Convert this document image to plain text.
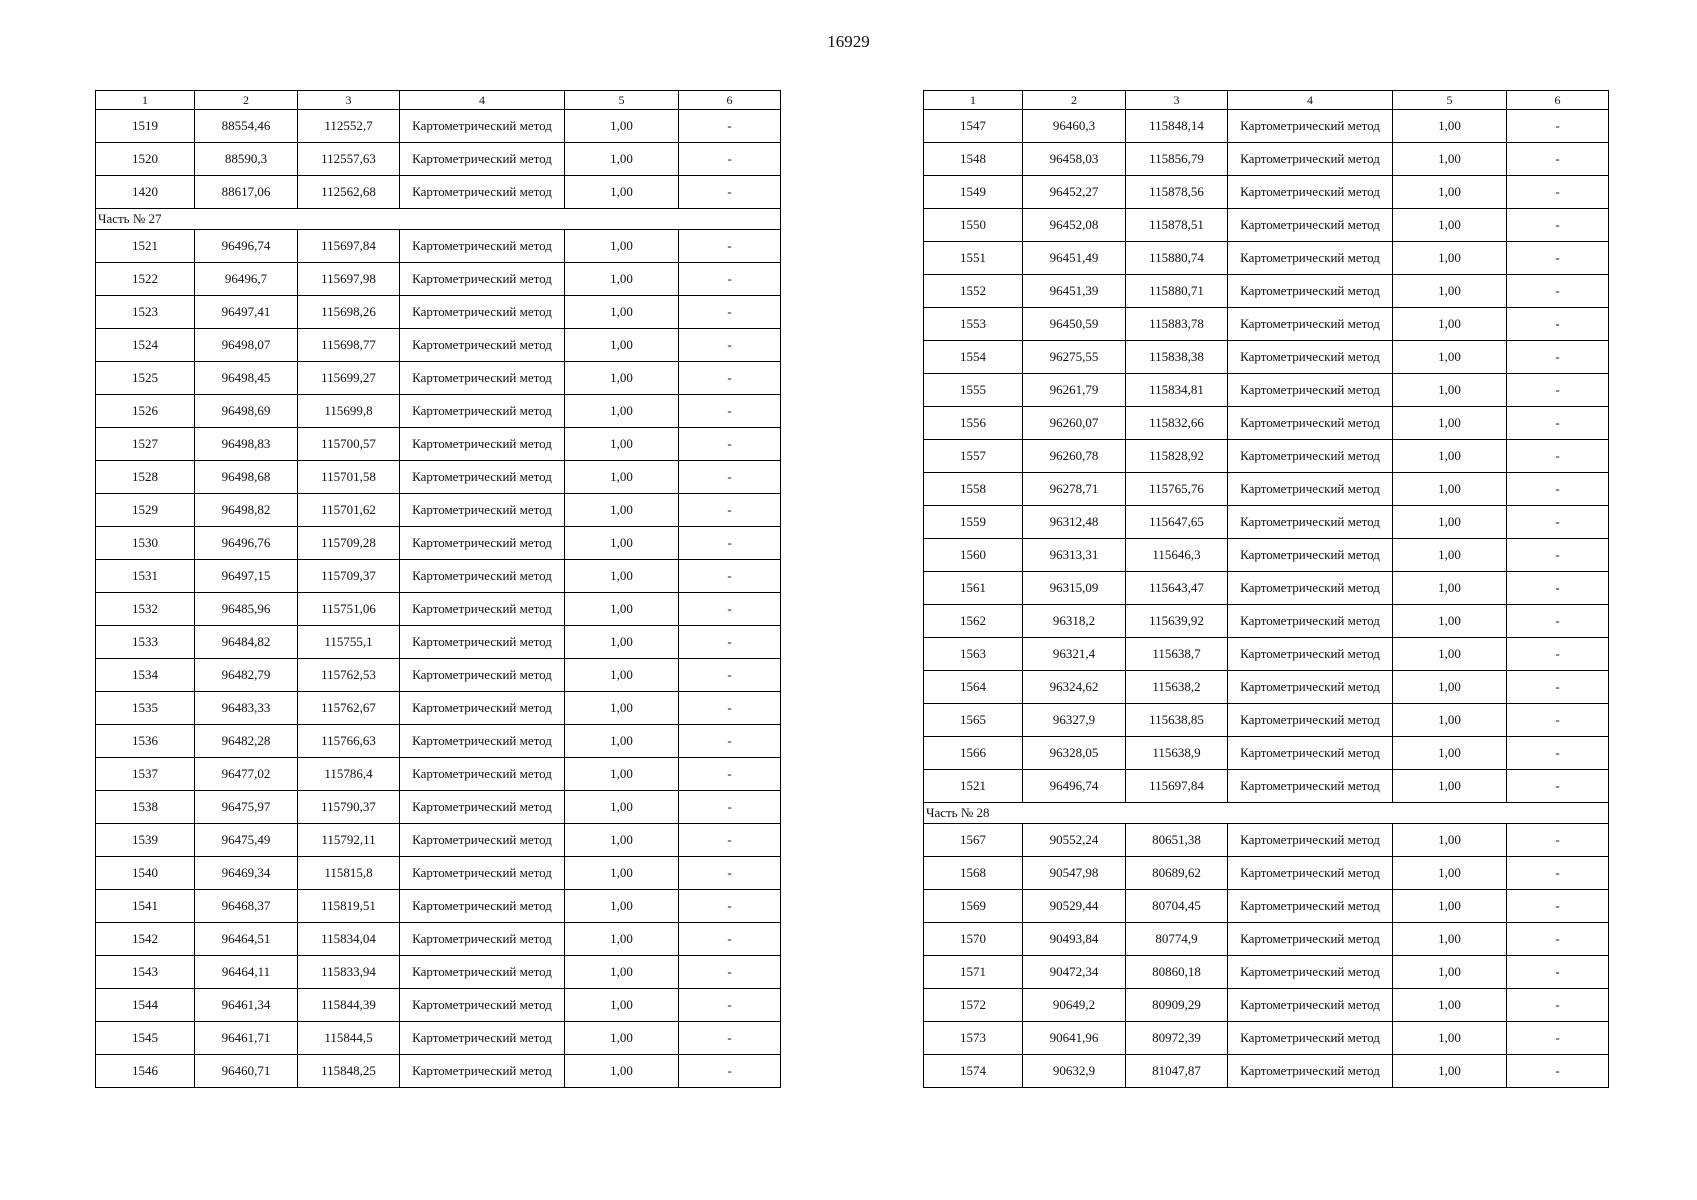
16929
1	2	3	4	5	6
1519	88554,46	112552,7	Картометрический метод	1,00	-
1520	88590,3	112557,63	Картометрический метод	1,00	-
1420	88617,06	112562,68	Картометрический метод	1,00	-
Часть № 27					
1521	96496,74	115697,84	Картометрический метод	1,00	-
1522	96496,7	115697,98	Картометрический метод	1,00	-
1523	96497,41	115698,26	Картометрический метод	1,00	-
1524	96498,07	115698,77	Картометрический метод	1,00	-
1525	96498,45	115699,27	Картометрический метод	1,00	-
1526	96498,69	115699,8	Картометрический метод	1,00	-
1527	96498,83	115700,57	Картометрический метод	1,00	-
1528	96498,68	115701,58	Картометрический метод	1,00	-
1529	96498,82	115701,62	Картометрический метод	1,00	-
1530	96496,76	115709,28	Картометрический метод	1,00	-
1531	96497,15	115709,37	Картометрический метод	1,00	-
1532	96485,96	115751,06	Картометрический метод	1,00	-
1533	96484,82	115755,1	Картометрический метод	1,00	-
1534	96482,79	115762,53	Картометрический метод	1,00	-
1535	96483,33	115762,67	Картометрический метод	1,00	-
1536	96482,28	115766,63	Картометрический метод	1,00	-
1537	96477,02	115786,4	Картометрический метод	1,00	-
1538	96475,97	115790,37	Картометрический метод	1,00	-
1539	96475,49	115792,11	Картометрический метод	1,00	-
1540	96469,34	115815,8	Картометрический метод	1,00	-
1541	96468,37	115819,51	Картометрический метод	1,00	-
1542	96464,51	115834,04	Картометрический метод	1,00	-
1543	96464,11	115833,94	Картометрический метод	1,00	-
1544	96461,34	115844,39	Картометрический метод	1,00	-
1545	96461,71	115844,5	Картометрический метод	1,00	-
1546	96460,71	115848,25	Картометрический метод	1,00	-
1	2	3	4	5	6
1547	96460,3	115848,14	Картометрический метод	1,00	-
1548	96458,03	115856,79	Картометрический метод	1,00	-
1549	96452,27	115878,56	Картометрический метод	1,00	-
1550	96452,08	115878,51	Картометрический метод	1,00	-
1551	96451,49	115880,74	Картометрический метод	1,00	-
1552	96451,39	115880,71	Картометрический метод	1,00	-
1553	96450,59	115883,78	Картометрический метод	1,00	-
1554	96275,55	115838,38	Картометрический метод	1,00	-
1555	96261,79	115834,81	Картометрический метод	1,00	-
1556	96260,07	115832,66	Картометрический метод	1,00	-
1557	96260,78	115828,92	Картометрический метод	1,00	-
1558	96278,71	115765,76	Картометрический метод	1,00	-
1559	96312,48	115647,65	Картометрический метод	1,00	-
1560	96313,31	115646,3	Картометрический метод	1,00	-
1561	96315,09	115643,47	Картометрический метод	1,00	-
1562	96318,2	115639,92	Картометрический метод	1,00	-
1563	96321,4	115638,7	Картометрический метод	1,00	-
1564	96324,62	115638,2	Картометрический метод	1,00	-
1565	96327,9	115638,85	Картометрический метод	1,00	-
1566	96328,05	115638,9	Картометрический метод	1,00	-
1521	96496,74	115697,84	Картометрический метод	1,00	-
Часть № 28					
1567	90552,24	80651,38	Картометрический метод	1,00	-
1568	90547,98	80689,62	Картометрический метод	1,00	-
1569	90529,44	80704,45	Картометрический метод	1,00	-
1570	90493,84	80774,9	Картометрический метод	1,00	-
1571	90472,34	80860,18	Картометрический метод	1,00	-
1572	90649,2	80909,29	Картометрический метод	1,00	-
1573	90641,96	80972,39	Картометрический метод	1,00	-
1574	90632,9	81047,87	Картометрический метод	1,00	-
